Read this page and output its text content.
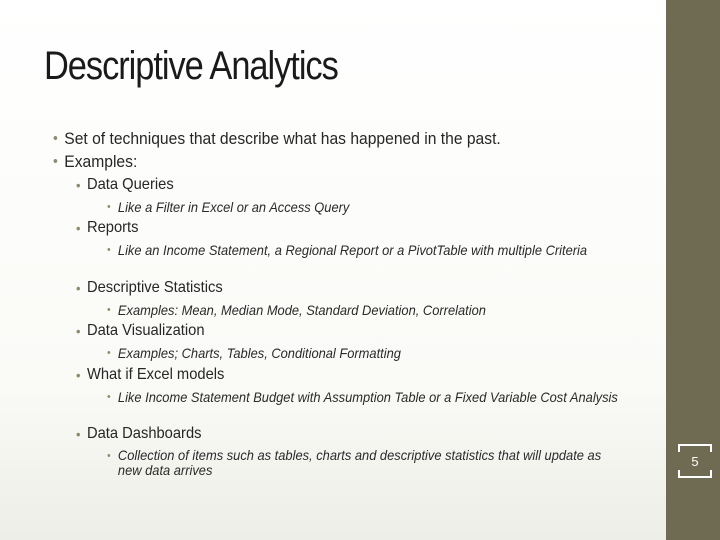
Descriptive Analytics
• Set of techniques that describe what has happened in the past.
• Examples:
• Data Queries
• Like a Filter in Excel or an Access Query
• Reports
• Like an Income Statement, a Regional Report or a PivotTable with multiple Criteria
• Descriptive Statistics
• Examples: Mean, Median Mode, Standard Deviation, Correlation
• Data Visualization
• Examples; Charts, Tables, Conditional Formatting
• What if Excel models
• Like Income Statement Budget with Assumption Table or a Fixed Variable Cost Analysis
• Data Dashboards
• Collection of items such as tables, charts and descriptive statistics that will update as new data arrives
5
